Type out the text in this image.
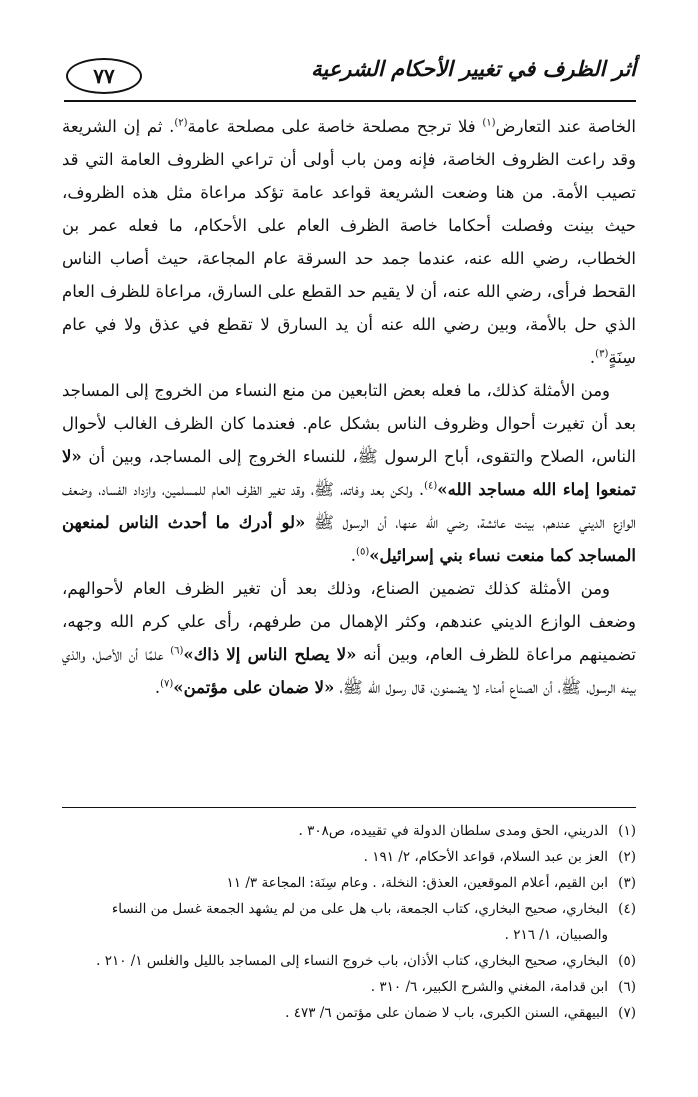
أثر الظرف في تغيير الأحكام الشرعية
٧٧

الخاصة عند التعارض$^{(١)}$ فلا ترجح مصلحة خاصة على مصلحة عامة$^{(٢)}$. ثم إن الشريعة وقد راعت الظروف الخاصة، فإنه ومن باب أولى أن تراعي الظروف العامة التي قد تصيب الأمة. من هنا وضعت الشريعة قواعد عامة تؤكد مراعاة مثل هذه الظروف، حيث بينت وفصلت أحكاما خاصة الظرف العام على الأحكام، ما فعله عمر بن الخطاب، رضي الله عنه، عندما جمد حد السرقة عام المجاعة، حيث أصاب الناس القحط فرأى، رضي الله عنه، أن لا يقيم حد القطع على السارق، مراعاة للظرف العام الذي حل بالأمة، وبين رضي الله عنه أن يد السارق لا تقطع في عذق ولا في عام سِنَةٍ$^{(٣)}$.

ومن الأمثلة كذلك، ما فعله بعض التابعين من منع النساء من الخروج إلى المساجد بعد أن تغيرت أحوال وظروف الناس بشكل عام. فعندما كان الظرف الغالب لأحوال الناس، الصلاح والتقوى، أباح الرسول ﷺ، للنساء الخروج إلى المساجد، وبين أن «لا تمنعوا إماء الله مساجد الله»$^{(٤)}$. ولكن بعد وفاته، ﷺ، وقد تغير الظرف العام للمسلمين، وازداد الفساد، وضعف الوازع الديني عندهم، بينت عائشة، رضي الله عنها، أن الرسول ﷺ «لو أدرك ما أحدث الناس لمنعهن المساجد كما منعت نساء بني إسرائيل»$^{(٥)}$.

ومن الأمثلة كذلك تضمين الصناع، وذلك بعد أن تغير الظرف العام لأحوالهم، وضعف الوازع الديني عندهم، وكثر الإهمال من طرفهم، رأى علي كرم الله وجهه، تضمينهم مراعاة للظرف العام، وبين أنه «لا يصلح الناس إلا ذاك»$^{(٦)}$ علمًا أن الأصل، والذي بينه الرسول، ﷺ، أن الصناع أمناء لا يضمنون، قال رسول الله ﷺ، «لا ضمان على مؤتمن»$^{(٧)}$.

(١)
الدريني، الحق ومدى سلطان الدولة في تقييده، ص٣٠٨ .
(٢)
العز بن عبد السلام، قواعد الأحكام، ٢/ ١٩١ .
(٣)
ابن القيم، أعلام الموقعين، العذق: النخلة، . وعام سِنَة: المجاعة ٣/ ١١
(٤)
البخاري، صحيح البخاري، كتاب الجمعة، باب هل على من لم يشهد الجمعة غسل من النساء والصبيان، ١/ ٢١٦ .
(٥)
البخاري، صحيح البخاري، كتاب الأذان، باب خروج النساء إلى المساجد بالليل والغلس ١/ ٢١٠ .
(٦)
ابن قدامة، المغني والشرح الكبير، ٦/ ٣١٠ .
(٧)
البيهقي، السنن الكبرى، باب لا ضمان على مؤتمن ٦/ ٤٧٣ .
